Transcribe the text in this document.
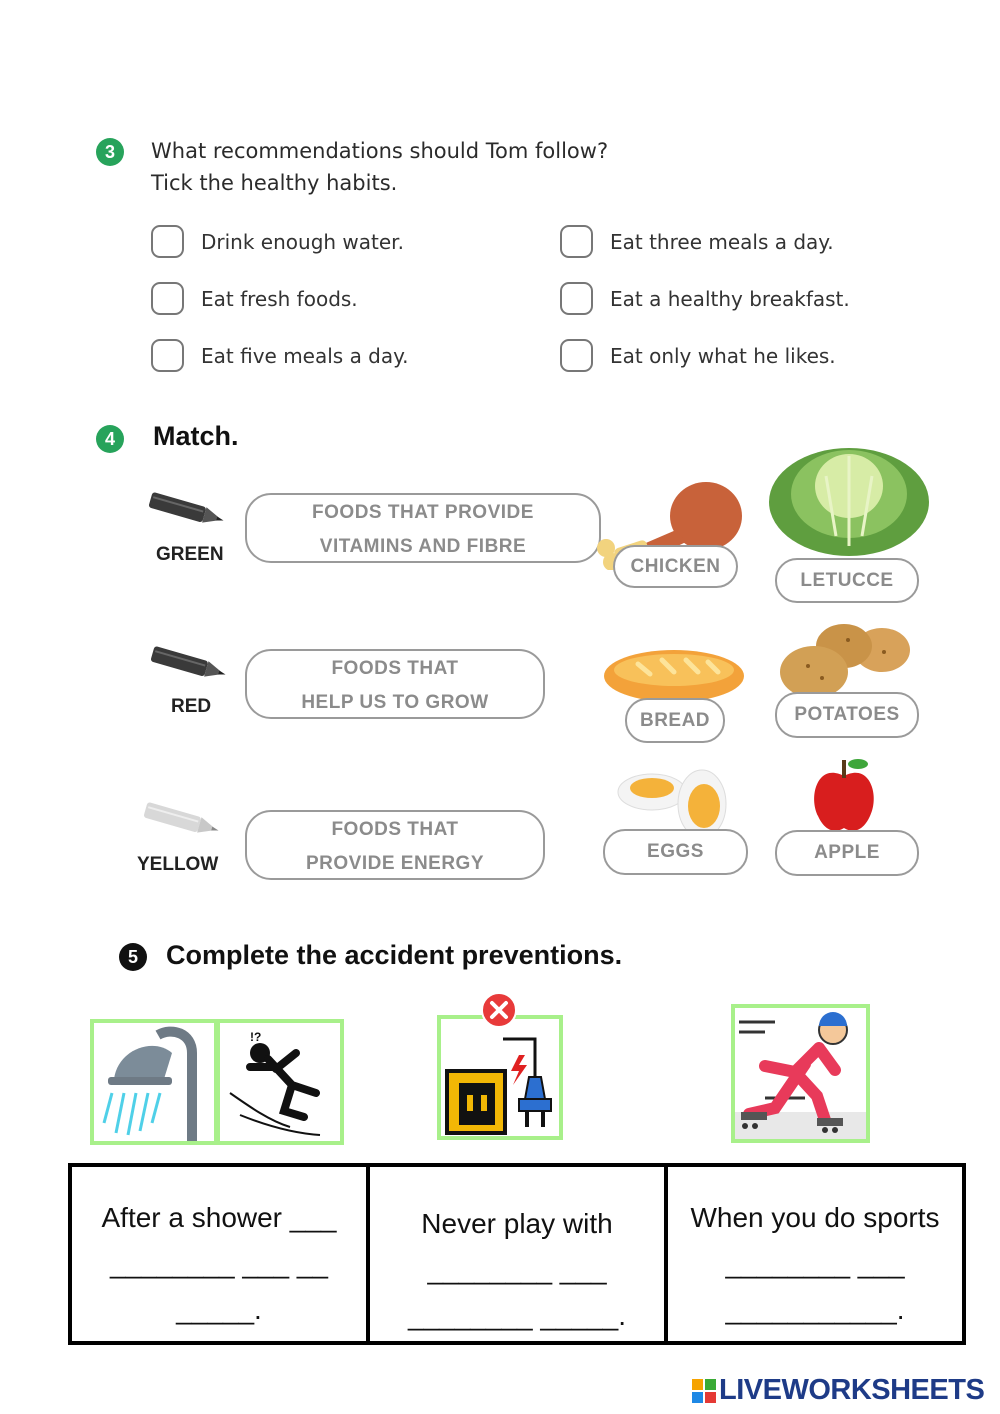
3	What recommendations should Tom follow?
Tick the healthy habits.
Drink enough water.
Eat fresh foods.
Eat five meals a day.
Eat three meals a day.
Eat a healthy breakfast.
Eat only what he likes.
4	Match.
GREEN
RED
YELLOW
FOODS THAT PROVIDE
VITAMINS AND FIBRE
FOODS THAT
HELP US TO GROW
FOODS THAT
PROVIDE ENERGY
CHICKEN
LETUCCE
BREAD	POTATOES
EGGS	APPLE
5	Complete the accident preventions.
!?
After a shower ___
________ ___ __
_____.
Never play with
________ ___
________ _____.
When you do sports
________ ___
___________.
LIVEWORKSHEETS
